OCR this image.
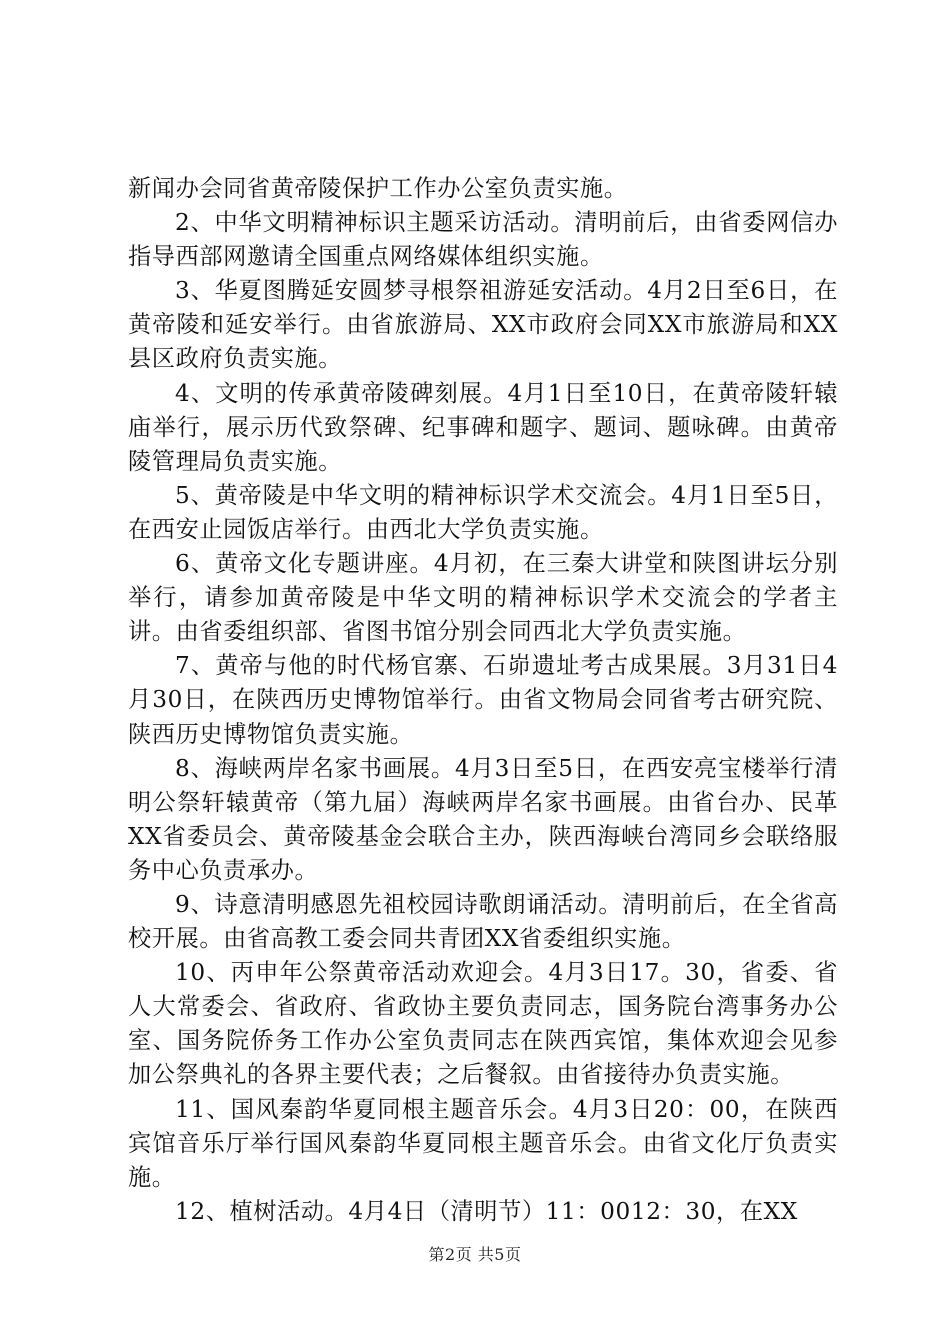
新闻办会同省黄帝陵保护工作办公室负责实施。

2、中华文明精神标识主题采访活动。清明前后，由省委网信办指导西部网邀请全国重点网络媒体组织实施。

3、华夏图腾延安圆梦寻根祭祖游延安活动。4月2日至6日，在黄帝陵和延安举行。由省旅游局、XX市政府会同XX市旅游局和XX县区政府负责实施。

4、文明的传承黄帝陵碑刻展。4月1日至10日，在黄帝陵轩辕庙举行，展示历代致祭碑、纪事碑和题字、题词、题咏碑。由黄帝陵管理局负责实施。

5、黄帝陵是中华文明的精神标识学术交流会。4月1日至5日，在西安止园饭店举行。由西北大学负责实施。

6、黄帝文化专题讲座。4月初，在三秦大讲堂和陕图讲坛分别举行，请参加黄帝陵是中华文明的精神标识学术交流会的学者主讲。由省委组织部、省图书馆分别会同西北大学负责实施。

7、黄帝与他的时代杨官寨、石峁遗址考古成果展。3月31日4月30日，在陕西历史博物馆举行。由省文物局会同省考古研究院、陕西历史博物馆负责实施。

8、海峡两岸名家书画展。4月3日至5日，在西安亮宝楼举行清明公祭轩辕黄帝（第九届）海峡两岸名家书画展。由省台办、民革XX省委员会、黄帝陵基金会联合主办，陕西海峡台湾同乡会联络服务中心负责承办。

9、诗意清明感恩先祖校园诗歌朗诵活动。清明前后，在全省高校开展。由省高教工委会同共青团XX省委组织实施。

10、丙申年公祭黄帝活动欢迎会。4月3日17。30，省委、省人大常委会、省政府、省政协主要负责同志，国务院台湾事务办公室、国务院侨务工作办公室负责同志在陕西宾馆，集体欢迎会见参加公祭典礼的各界主要代表；之后餐叙。由省接待办负责实施。

11、国风秦韵华夏同根主题音乐会。4月3日20：00，在陕西宾馆音乐厅举行国风秦韵华夏同根主题音乐会。由省文化厅负责实施。

12、植树活动。4月4日（清明节）11：0012：30，在XX

第2页 共5页
